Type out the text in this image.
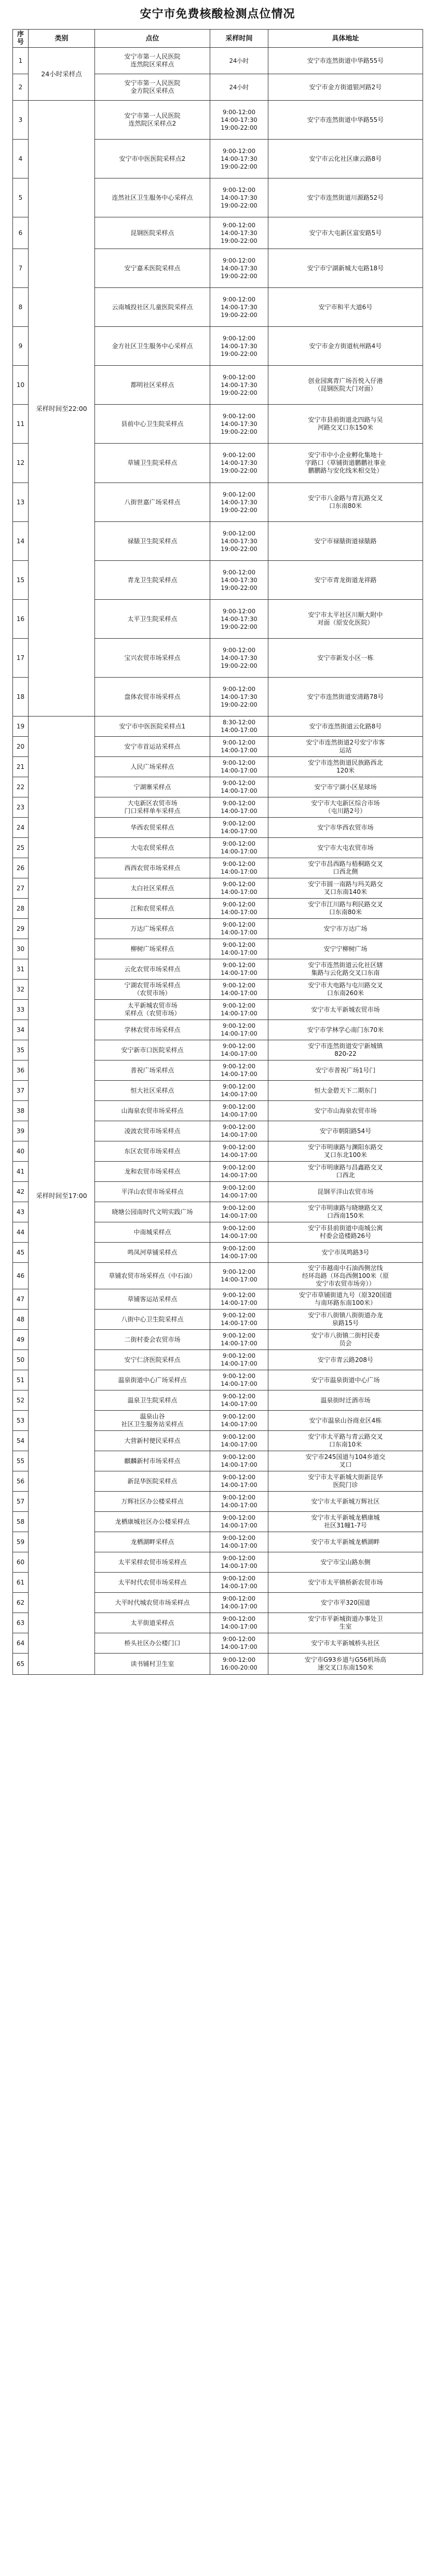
安宁市免费核酸检测点位情况
序号	类别	点位	采样时间	具体地址
1	24小时采样点	安宁市第一人民医院
连然院区采样点	24小时	安宁市连然街道中华路55号
2		安宁市第一人民医院
金方院区采样点	24小时	安宁市金方街道银河路2号
3	采样时间至22:00	安宁市第一人民医院
连然院区采样点2	9:00-12:00
14:00-17:30
19:00-22:00	安宁市连然街道中华路55号
4		安宁市中医医院采样点2	9:00-12:00
14:00-17:30
19:00-22:00	安宁市云化社区康云路8号
5		连然社区卫生服务中心采样点	9:00-12:00
14:00-17:30
19:00-22:00	安宁市连然街道川源路52号
6		昆钢医院采样点	9:00-12:00
14:00-17:30
19:00-22:00	安宁市大屯新区富安路5号
7		安宁嘉禾医院采样点	9:00-12:00
14:00-17:30
19:00-22:00	安宁市宁湖新城大屯路18号
8		云南城投社区儿童医院采样点	9:00-12:00
14:00-17:30
19:00-22:00	安宁市和平大道6号
9		金方社区卫生服务中心采样点	9:00-12:00
14:00-17:30
19:00-22:00	安宁市金方街道杭州路4号
10		都明社区采样点	9:00-12:00
14:00-17:30
19:00-22:00	创业园寓青广场吾悦入仔港
（昆钢医院大门对面）
11		县前中心卫生院采样点	9:00-12:00
14:00-17:30
19:00-22:00	安宁市县前街道北四路与吴
河路交叉口东150米
12		草铺卫生院采样点	9:00-12:00
14:00-17:30
19:00-22:00	安宁市中小企业孵化集地十
字路口（草铺街道鹏鹏社事业
鹏鹏路与安化线米相交处）
13		八街世嘉广场采样点	9:00-12:00
14:00-17:30
19:00-22:00	安宁市八金路与青瓦路交叉
口东南80米
14		禄脿卫生院采样点	9:00-12:00
14:00-17:30
19:00-22:00	安宁市禄脿街道禄脿路
15		青龙卫生院采样点	9:00-12:00
14:00-17:30
19:00-22:00	安宁市青龙街道龙祥路
16		太平卫生院采样点	9:00-12:00
14:00-17:30
19:00-22:00	安宁市太平社区川顺大附中
对面（原安化医院）
17		宝兴农贸市场采样点	9:00-12:00
14:00-17:30
19:00-22:00	安宁市新发小区一栋
18		盘体农贸市场采样点	9:00-12:00
14:00-17:30
19:00-22:00	安宁市连然街道安清路78号
19	采样时间至17:00	安宁市中医医院采样点1	8:30-12:00
14:00-17:00	安宁市连然街道云化路8号
20		安宁市首运站采样点	9:00-12:00
14:00-17:00	安宁市连然街道2号安宁市客
运站
21		人民广场采样点	9:00-12:00
14:00-17:00	安宁市连然街道民族路西北
120米
22		宁湖寨采样点	9:00-12:00
14:00-17:00	安宁市宁湖小区星球场
23		大屯新区农贸市场
门口采样单车采样点	9:00-12:00
14:00-17:00	安宁市大屯新区综合市场
（屯川路2号）
24		华西农贸采样点	9:00-12:00
14:00-17:00	安宁市华西农贸市场
25		大屯农贸采样点	9:00-12:00
14:00-17:00	安宁市大屯农贸市场
26		西西农贸市场采样点	9:00-12:00
14:00-17:00	安宁市昌西路与梧桐路交叉
口西北侧
27		太白社区采样点	9:00-12:00
14:00-17:00	安宁市圆一南路与玛关路交
叉口东南140米
28		江和农贸采样点	9:00-12:00
14:00-17:00	安宁市江川路与利民路交叉
口东南80米
29		万达广场采样点	9:00-12:00
14:00-17:00	安宁市万达广场
30		柳树广场采样点	9:00-12:00
14:00-17:00	安宁宁柳树广场
31		云化农贸市场采样点	9:00-12:00
14:00-17:00	安宁市连然街道云化社区辖
集路与云化路交叉口东南
32		宁湖农贸市场采样点
（农贸市场）	9:00-12:00
14:00-17:00	安宁市大电路与屯川路交叉
口东南260米
33		太平新城农贸市场
采样点（农贸市场）	9:00-12:00
14:00-17:00	安宁市太平新城农贸市场
34		学林农贸市场采样点	9:00-12:00
14:00-17:00	安宁市学林学心南门东70米
35		安宁新市口医院采样点	9:00-12:00
14:00-17:00	安宁市连然街道安宁新城镇
820-22
36		普祝广场采样点	9:00-12:00
14:00-17:00	安宁市普祝广场1号门
37		恒大社区采样点	9:00-12:00
14:00-17:00	恒大金碧天下二期东门
38		山海泉农贸市场采样点	9:00-12:00
14:00-17:00	安宁市山海泉农贸市场
39		凌波农贸市场采样点	9:00-12:00
14:00-17:00	安宁市朝阳路54号
40		东区农贸市场采样点	9:00-12:00
14:00-17:00	安宁市明康路与渊阳东路交
叉口东北100米
41		龙和农贸市场采样点	9:00-12:00
14:00-17:00	安宁市明康路与昌鑫路交叉
口西北
42		平洋山农贸市场采样点	9:00-12:00
14:00-17:00	昆钢平洋山农贸市场
43		晓塘公园南时代文明实践广场	9:00-12:00
14:00-17:00	安宁市明康路与晓塘路交叉
口西南150米
44		中南城采样点	9:00-12:00
14:00-17:00	安宁市县前街道中南城公寓
村委会造楼路26号
45		鸣凤河草铺采样点	9:00-12:00
14:00-17:00	安宁市凤鸣路3号
46		草铺农贸市场采样点（中石油）	9:00-12:00
14:00-17:00	安宁市越南中石油西侧岔线
经环岛路（环岛西侧100米（原
安宁市农贸市场旁））
47		草铺客运站采样点	9:00-12:00
14:00-17:00	安宁市草铺街道九号（原320国道
与南环路东南100米）
48		八街中心卫生院采样点	9:00-12:00
14:00-17:00	安宁市八街镇八街街道办龙
泉路15号
49		二街村委会农贸市场	9:00-12:00
14:00-17:00	安宁市八街镇二街村民委
员会
50		安宁仁济医院采样点	9:00-12:00
14:00-17:00	安宁市青云路208号
51		温泉街道中心广场采样点	9:00-12:00
14:00-17:00	安宁市温泉街道中心广场
52		温泉卫生院采样点	9:00-12:00
14:00-17:00	温泉街时迁酒市场
53		温泉山谷
社区卫生服务站采样点	9:00-12:00
14:00-17:00	安宁市温泉山谷商业区4栋
54		大营新村便民采样点	9:00-12:00
14:00-17:00	安宁市太平路与青云路交叉
口东南10米
55		麒麟新村市场采样点	9:00-12:00
14:00-17:00	安宁市245国道与104乡道交
叉口
56		新昆华医院采样点	9:00-12:00
14:00-17:00	安宁市太平新城大街新昆华
医院门诊
57		万辉社区办公楼采样点	9:00-12:00
14:00-17:00	安宁市太平新城万辉社区
58		龙栖康城社区办公楼采样点	9:00-12:00
14:00-17:00	安宁市太平新城龙栖康城
社区31幢1-7号
59		龙栖湖畔采样点	9:00-12:00
14:00-17:00	安宁市太平新城龙栖湖畔
60		太平采样农贸市场采样点	9:00-12:00
14:00-17:00	安宁市宝山路东侧
61		太平时代农贸市场采样点	9:00-12:00
14:00-17:00	安宁市太平镇桥新农贸市场
62		大平时代城农贸市场采样点	9:00-12:00
14:00-17:00	安宁市平320国道
63		太平街道采样点	9:00-12:00
14:00-17:00	安宁市平新城街道办事处卫
生室
64		桥头社区办公楼门口	9:00-12:00
14:00-17:00	安宁市太平新城桥头社区
65		读书铺村卫生室	9:00-12:00
16:00-20:00	安宁市G93乡道与G56机场高
速交叉口东南150米
